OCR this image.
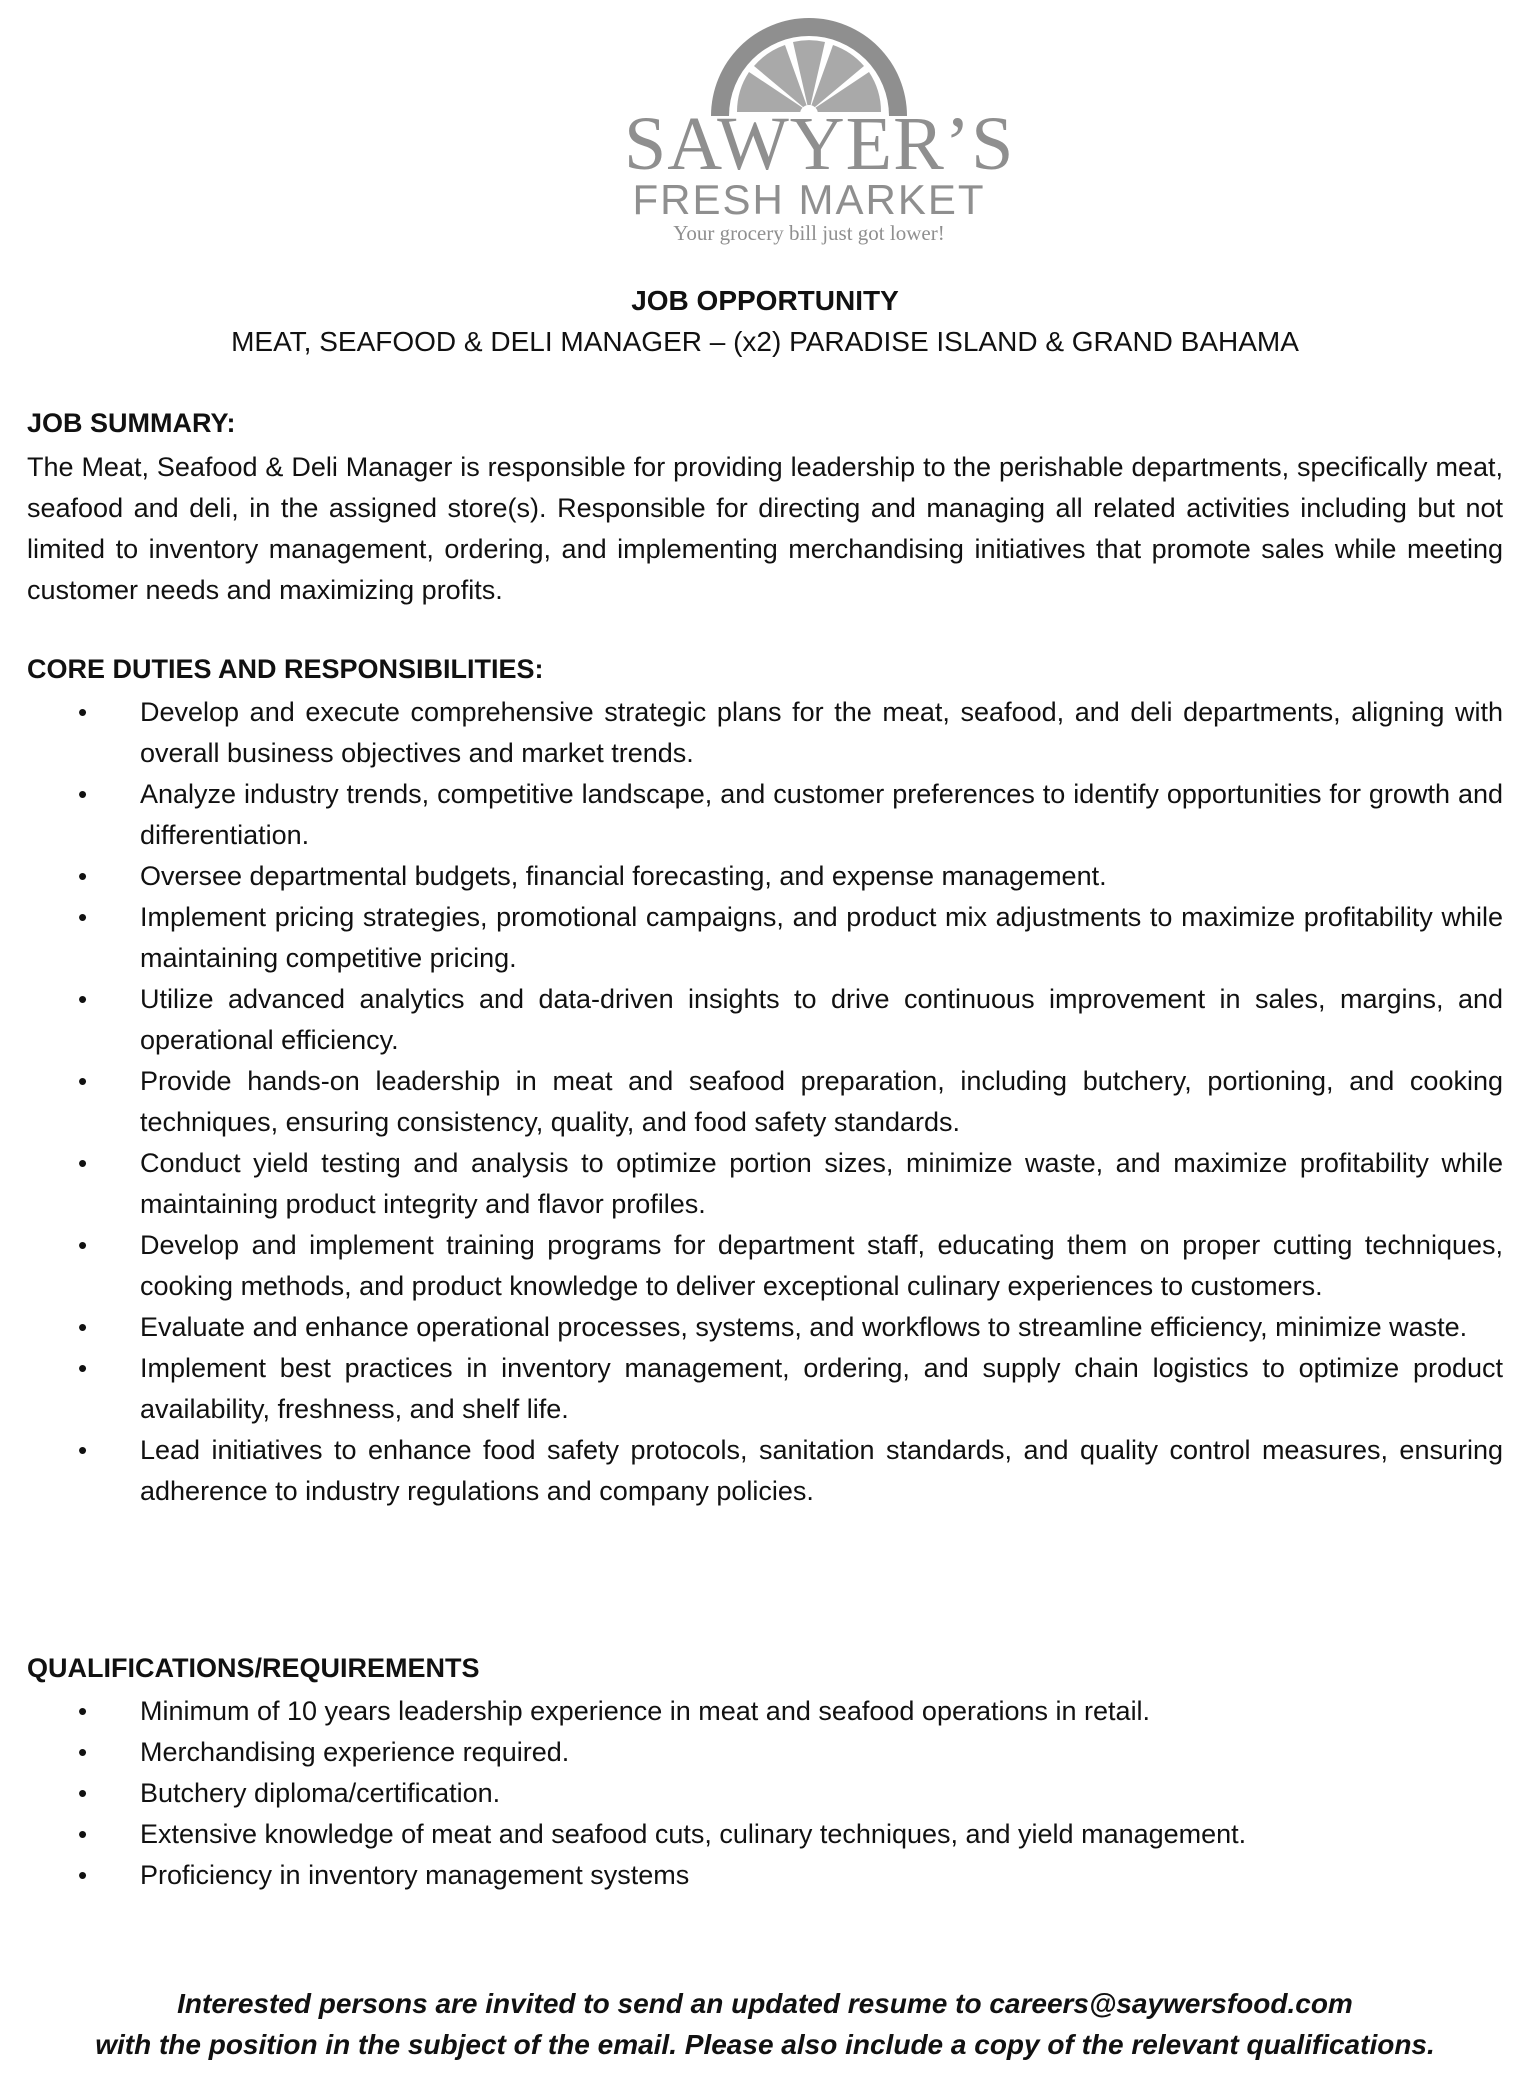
SAWYER’S
FRESH MARKET
Your grocery bill just got lower!
JOB OPPORTUNITY
MEAT, SEAFOOD & DELI MANAGER – (x2) PARADISE ISLAND & GRAND BAHAMA
JOB SUMMARY:
The Meat, Seafood & Deli Manager is responsible for providing leadership to the perishable departments, specifically meat, seafood and deli, in the assigned store(s). Responsible for directing and managing all related activities including but not limited to inventory management, ordering, and implementing merchandising initiatives that promote sales while meeting customer needs and maximizing profits.
CORE DUTIES AND RESPONSIBILITIES:
• Develop and execute comprehensive strategic plans for the meat, seafood, and deli departments, aligning with overall business objectives and market trends.
• Analyze industry trends, competitive landscape, and customer preferences to identify opportunities for growth and differentiation.
• Oversee departmental budgets, financial forecasting, and expense management.
• Implement pricing strategies, promotional campaigns, and product mix adjustments to maximize profitability while maintaining competitive pricing.
• Utilize advanced analytics and data-driven insights to drive continuous improvement in sales, margins, and operational efficiency.
• Provide hands-on leadership in meat and seafood preparation, including butchery, portioning, and cooking techniques, ensuring consistency, quality, and food safety standards.
• Conduct yield testing and analysis to optimize portion sizes, minimize waste, and maximize profitability while maintaining product integrity and flavor profiles.
• Develop and implement training programs for department staff, educating them on proper cutting techniques, cooking methods, and product knowledge to deliver exceptional culinary experiences to customers.
• Evaluate and enhance operational processes, systems, and workflows to streamline efficiency, minimize waste.
• Implement best practices in inventory management, ordering, and supply chain logistics to optimize product availability, freshness, and shelf life.
• Lead initiatives to enhance food safety protocols, sanitation standards, and quality control measures, ensuring adherence to industry regulations and company policies.
QUALIFICATIONS/REQUIREMENTS
• Minimum of 10 years leadership experience in meat and seafood operations in retail.
• Merchandising experience required.
• Butchery diploma/certification.
• Extensive knowledge of meat and seafood cuts, culinary techniques, and yield management.
• Proficiency in inventory management systems
Interested persons are invited to send an updated resume to careers@saywersfood.com
with the position in the subject of the email. Please also include a copy of the relevant qualifications.
